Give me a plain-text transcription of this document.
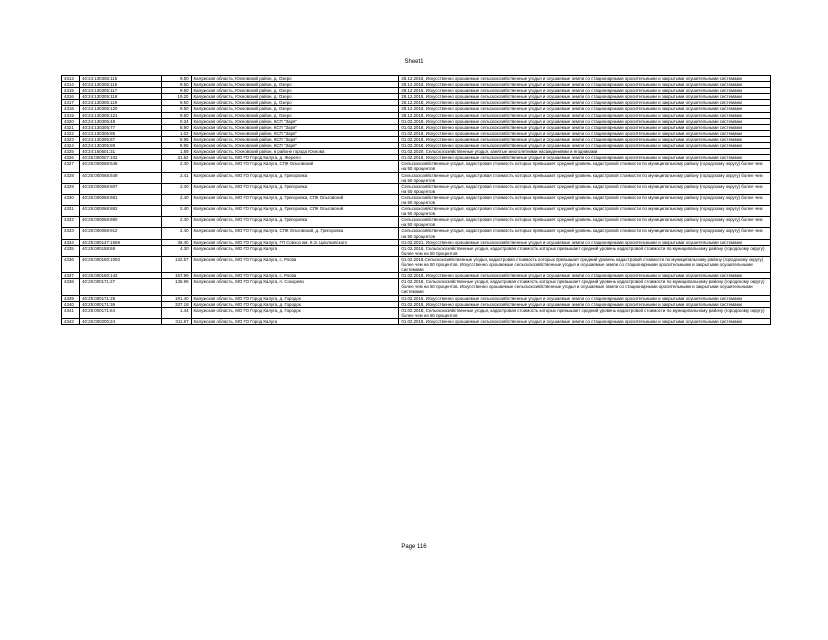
Sheet1
4313	40:24:130305:115	9.50	Калужская область, Юхновский район, д. Озеро	28.12.2018, Искусственно орошаемые сельскохозяйственные угодья и осушаемые земли со стационарными оросительными и закрытыми осушительными системами
4314	40:24:130305:116	9.50	Калужская область, Юхновский район, д. Озеро	28.12.2018, Искусственно орошаемые сельскохозяйственные угодья и осушаемые земли со стационарными оросительными и закрытыми осушительными системами
4315	40:24:130305:117	9.50	Калужская область, Юхновский район, д. Озеро	28.12.2018, Искусственно орошаемые сельскохозяйственные угодья и осушаемые земли со стационарными оросительными и закрытыми осушительными системами
4316	40:24:130305:118	19.20	Калужская область, Юхновский район, д. Озеро	28.12.2018, Искусственно орошаемые сельскохозяйственные угодья и осушаемые земли со стационарными оросительными и закрытыми осушительными системами
4317	40:24:130305:119	9.50	Калужская область, Юхновский район, д. Озеро	28.12.2018, Искусственно орошаемые сельскохозяйственные угодья и осушаемые земли со стационарными оросительными и закрытыми осушительными системами
4318	40:24:130305:120	9.50	Калужская область, Юхновский район, д. Озеро	28.12.2018, Искусственно орошаемые сельскохозяйственные угодья и осушаемые земли со стационарными оросительными и закрытыми осушительными системами
4319	40:24:130305:121	9.50	Калужская область, Юхновский район, д. Озеро	28.12.2018, Искусственно орошаемые сельскохозяйственные угодья и осушаемые земли со стационарными оросительными и закрытыми осушительными системами
4320	40:24:130305:48	0.34	Калужская область, Юхновский район, КСП "Заря"	01.02.2018, Искусственно орошаемые сельскохозяйственные угодья и осушаемые земли со стационарными оросительными и закрытыми осушительными системами
4321	40:24:130305:77	8.90	Калужская область, Юхновский район, КСП "Заря"	01.02.2018, Искусственно орошаемые сельскохозяйственные угодья и осушаемые земли со стационарными оросительными и закрытыми осушительными системами
4322	40:24:130305:85	1.02	Калужская область, Юхновский район, КСП "Заря"	01.02.2018, Искусственно орошаемые сельскохозяйственные угодья и осушаемые земли со стационарными оросительными и закрытыми осушительными системами
4323	40:24:130305:87	8.95	Калужская область, Юхновский район, КСП "Заря"	01.02.2018, Искусственно орошаемые сельскохозяйственные угодья и осушаемые земли со стационарными оросительными и закрытыми осушительными системами
4324	40:24:130305:89	8.95	Калужская область, Юхновский район, КСП "Заря"	01.02.2018, Искусственно орошаемые сельскохозяйственные угодья и осушаемые земли со стационарными оросительными и закрытыми осушительными системами
4325	40:24:150601:31	1.89	Калужская область, Юхновский район, в районе города Юхнова	01.02.2020, Сельскохозяйственные угодья, занятые многолетними насаждениями и ягодниками
4326	40:25:000007:102	31.52	Калужская область, МО ГО Город Калуга, д. Жерело	01.02.2018, Искусственно орошаемые сельскохозяйственные угодья и осушаемые земли со стационарными оросительными и закрытыми осушительными системами
4327	40:25:000068:548	2.40	Калужская область, МО ГО Город Калуга, СПК Ольговский	Сельскохозяйственные угодья, кадастровая стоимость которых превышает средний уровень кадастровой стоимости по муниципальному району (городскому округу) более чем на 50 процентов
4328	40:25:000068:649	2.41	Калужская область, МО ГО Город Калуга, д. Григоровка	Сельскохозяйственные угодья, кадастровая стоимость которых превышает средний уровень кадастровой стоимости по муниципальному району (городскому округу) более чем на 50 процентов
4329	40:25:000068:807	2.40	Калужская область, МО ГО Город Калуга, д. Григоровка	Сельскохозяйственные угодья, кадастровая стоимость которых превышает средний уровень кадастровой стоимости по муниципальному району (городскому округу) более чем на 50 процентов
4330	40:25:000068:881	2.40	Калужская область, МО ГО Город Калуга, д. Григоровка, СПК Ольговский	Сельскохозяйственные угодья, кадастровая стоимость которых превышает средний уровень кадастровой стоимости по муниципальному району (городскому округу) более чем на 50 процентов
4331	40:25:000068:882	2.40	Калужская область, МО ГО Город Калуга, д. Григоровка, СПК Ольговский	Сельскохозяйственные угодья, кадастровая стоимость которых превышает средний уровень кадастровой стоимости по муниципальному району (городскому округу) более чем на 50 процентов
4332	40:25:000068:890	2.40	Калужская область, МО ГО Город Калуга, д. Григоровка	Сельскохозяйственные угодья, кадастровая стоимость которых превышает средний уровень кадастровой стоимости по муниципальному району (городскому округу) более чем на 50 процентов
4333	40:25:000068:912	2.40	Калужская область, МО ГО Город Калуга, СПК Ольговский, д. Григоровка	Сельскохозяйственные угодья, кадастровая стоимость которых превышает средний уровень кадастровой стоимости по муниципальному району (городскому округу) более чем на 50 процентов
4334	40:25:000147:1559	38.40	Калужская область, МО ГО Город Калуга, ГП Совхоз им. К.Э. Циолковского	01.02.2021, Искусственно орошаемые сельскохозяйственные угодья и осушаемые земли со стационарными оросительными и закрытыми осушительными системами
4335	40:25:000158:69	4.30	Калужская область, МО ГО Город Калуга	01.02.2018, Сельскохозяйственные угодья, кадастровая стоимость которых превышает средний уровень кадастровой стоимости по муниципальному району (городскому округу) более чем на 50 процентов
4336	40:25:000160:1093	132.57	Калужская область, МО ГО Город Калуга, с. Росва	01.02.2018,Сельскохозяйственные угодья, кадастровая стоимость которых превышает средний уровень кадастровой стоимости по муниципальному району (городскому округу) более чем на 50 процентов. Искусственно орошаемые сельскохозяйственные угодья и осушаемые земли со стационарными оросительными и закрытыми осушительными системами
4337	40:25:000160:142	167.99	Калужская область, МО ГО Город Калуга, с. Росва	01.02.2018, Искусственно орошаемые сельскохозяйственные угодья и осушаемые земли со стационарными оросительными и закрытыми осушительными системами
4338	40:25:000171:27	136.96	Калужская область, МО ГО Город Калуга, п. Сокорево	01.02.2018, Сельскохозяйственные угодья, кадастровая стоимость которых превышает средний уровень кадастровой стоимости по муниципальному району (городскому округу) более чем на 50 процентов. Искусственно орошаемые сельскохозяйственные угодья и осушаемые земли со стационарными оросительными и закрытыми осушительными системами
4339	40:25:000171:29	191.40	Калужская область, МО ГО Город Калуга, д. Городок	01.02.2018, Искусственно орошаемые сельскохозяйственные угодья и осушаемые земли со стационарными оросительными и закрытыми осушительными системами
4340	40:25:000171:36	337.18	Калужская область, МО ГО Город Калуга, д. Городок	01.02.2018, Искусственно орошаемые сельскохозяйственные угодья и осушаемые земли со стационарными оросительными и закрытыми осушительными системами
4341	40:25:000171:64	1.44	Калужская область, МО ГО Город Калуга, д. Городок	01.02.2018, Сельскохозяйственные угодья, кадастровая стоимость которых превышает средний уровень кадастровой стоимости по муниципальному району (городскому округу) более чем на 50 процентов
4342	40:25:000200:24	311.97	Калужская область, МО ГО Город Калуга	01.02.2018, Искусственно орошаемые сельскохозяйственные угодья и осушаемые земли со стационарными оросительными и закрытыми осушительными системами
Page 116
